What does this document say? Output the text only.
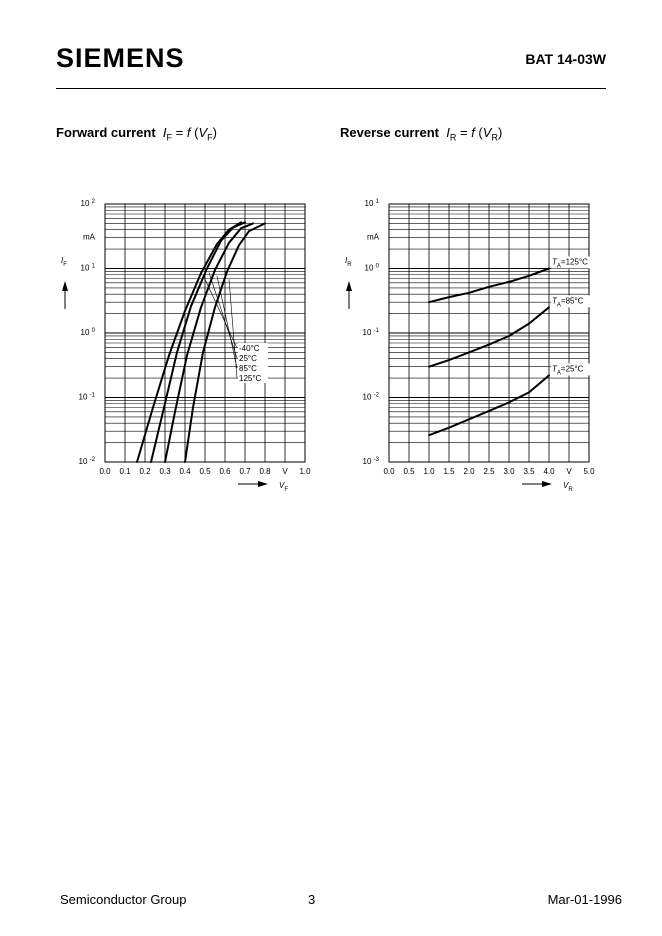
SIEMENS	BAT 14-03W
Forward current $I_F = f$ $(V_F)$	Reverse current $I_R = f$ $(V_R)$
0.0 0.1 0.2 0.3 0.4 0.5 0.6 0.7 0.8 V 1.0
10 $^{-2}$
10 $^{-1}$
10 $^0$
10 $^1$
10 $^2$
mA
$I_F$
$V_F$
-40°C
25°C
85°C
125°C
0.0 0.5 1.0 1.5 2.0 2.5 3.0 3.5 4.0 V 5.0
10 $^{-3}$
10 $^{-2}$
10 $^{-1}$
10 $^0$
10 $^1$
mA
$I_R$
$V_R$
$T_A=125^\circ C$
$T_A=85^\circ C$
$T_A=25^\circ C$
Semiconductor Group	3	Mar-01-1996
